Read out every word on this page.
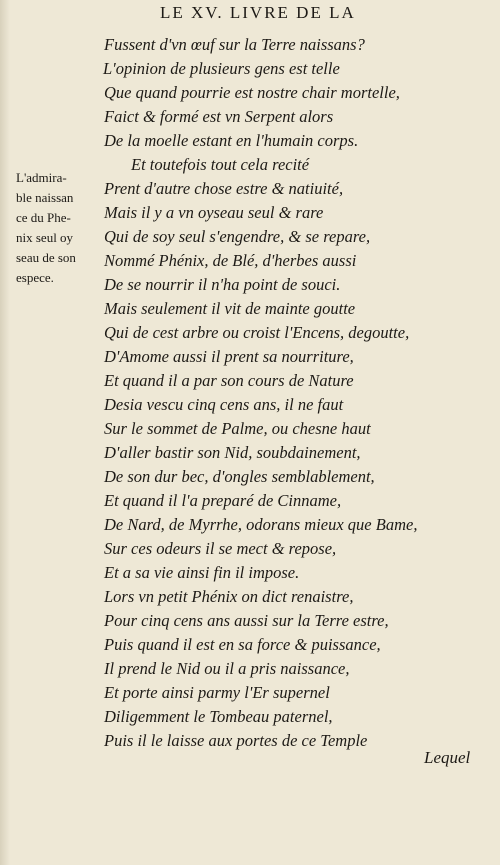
LE XV. LIVRE DE LA
L'admira-
ble naissan
ce du Phe-
nix seul oy
seau de son
espece.
Fussent d'vn œuf sur la Terre naissans?
L'opinion de plusieurs gens est telle
Que quand pourrie est nostre chair mortelle,
Faict & formé est vn Serpent alors
De la moelle estant en l'humain corps.
Et toutefois tout cela recité
Prent d'autre chose estre & natiuité,
Mais il y a vn oyseau seul & rare
Qui de soy seul s'engendre, & se repare,
Nommé Phénix, de Blé, d'herbes aussi
De se nourrir il n'ha point de souci.
Mais seulement il vit de mainte goutte
Qui de cest arbre ou croist l'Encens, degoutte,
D'Amome aussi il prent sa nourriture,
Et quand il a par son cours de Nature
Desia vescu cinq cens ans, il ne faut
Sur le sommet de Palme, ou chesne haut
D'aller bastir son Nid, soubdainement,
De son dur bec, d'ongles semblablement,
Et quand il l'a preparé de Cinname,
De Nard, de Myrrhe, odorans mieux que Bame,
Sur ces odeurs il se mect & repose,
Et a sa vie ainsi fin il impose.
Lors vn petit Phénix on dict renaistre,
Pour cinq cens ans aussi sur la Terre estre,
Puis quand il est en sa force & puissance,
Il prend le Nid ou il a pris naissance,
Et porte ainsi parmy l'Er supernel
Diligemment le Tombeau paternel,
Puis il le laisse aux portes de ce Temple
Lequel
